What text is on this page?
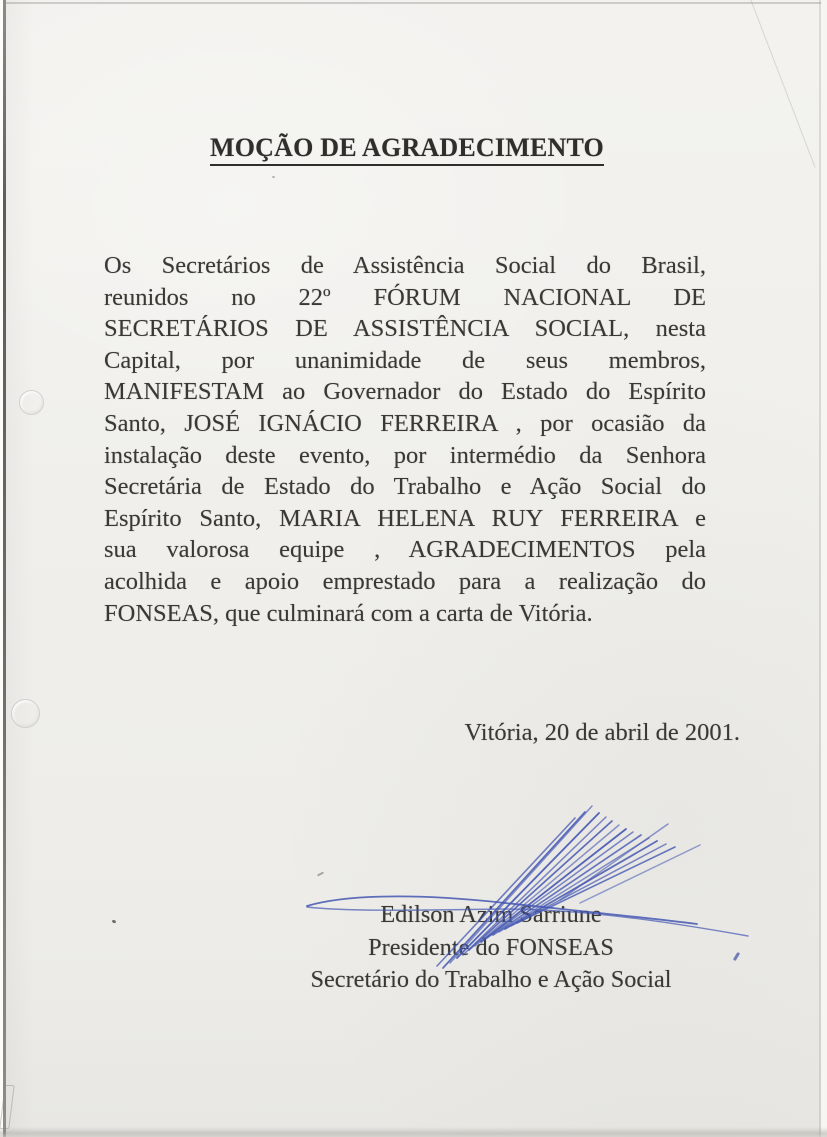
MOÇÃO DE AGRADECIMENTO
Os Secretários de Assistência Social do Brasil,
reunidos no 22º FÓRUM NACIONAL DE
SECRETÁRIOS DE ASSISTÊNCIA SOCIAL, nesta
Capital, por unanimidade de seus membros,
MANIFESTAM ao Governador do Estado do Espírito
Santo, JOSÉ IGNÁCIO FERREIRA , por ocasião da
instalação deste evento, por intermédio da Senhora
Secretária de Estado do Trabalho e Ação Social do
Espírito Santo, MARIA HELENA RUY FERREIRA e
sua valorosa equipe , AGRADECIMENTOS pela
acolhida e apoio emprestado para a realização do
FONSEAS, que culminará com a carta de Vitória.
Vitória, 20 de abril de 2001.
Edilson Azim Sarriune
Presidente do FONSEAS
Secretário do Trabalho e Ação Social
